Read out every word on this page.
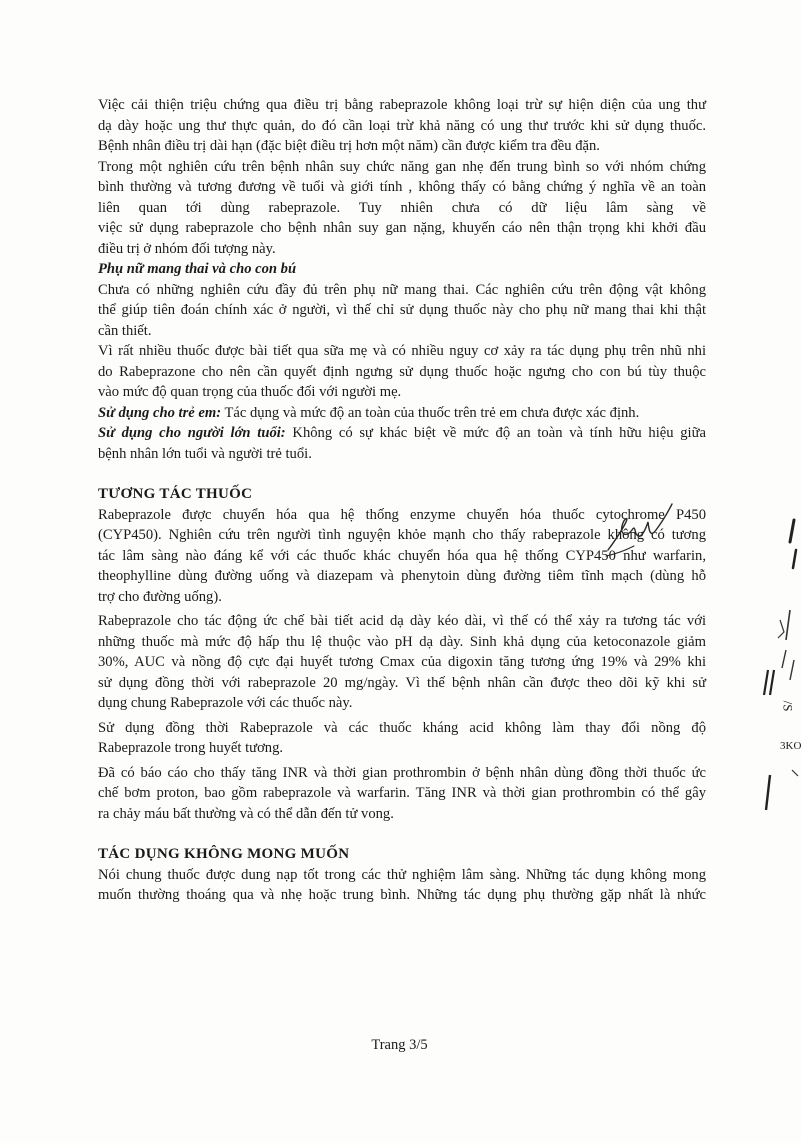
Việc cải thiện triệu chứng qua điều trị bằng rabeprazole không loại trừ sự hiện diện của ung thư

dạ dày hoặc ung thư thực quản, do đó cần loại trừ khả năng có ung thư trước khi sử dụng thuốc.

Bệnh nhân điều trị dài hạn (đặc biệt điều trị hơn một năm) cần được kiểm tra đều đặn.

Trong một nghiên cứu trên bệnh nhân suy chức năng gan nhẹ đến trung bình so với nhóm chứng

bình thường và tương đương về tuổi và giới tính , không thấy có bằng chứng ý nghĩa về an toàn

liên quan tới dùng rabeprazole. Tuy nhiên chưa có dữ liệu lâm sàng về

việc sử dụng rabeprazole cho bệnh nhân suy gan nặng, khuyến cáo nên thận trọng khi khởi đầu

điều trị ở nhóm đối tượng này.

Phụ nữ mang thai và cho con bú

Chưa có những nghiên cứu đầy đủ trên phụ nữ mang thai. Các nghiên cứu trên động vật không

thể giúp tiên đoán chính xác ở người, vì thế chỉ sử dụng thuốc này cho phụ nữ mang thai khi thật

cần thiết.

Vì rất nhiều thuốc được bài tiết qua sữa mẹ và có nhiều nguy cơ xảy ra tác dụng phụ trên nhũ nhi

do Rabeprazone cho nên cần quyết định ngưng sử dụng thuốc hoặc ngưng cho con bú tùy thuộc

vào mức độ quan trọng của thuốc đối với người mẹ.

Sử dụng cho trẻ em: Tác dụng và mức độ an toàn của thuốc trên trẻ em chưa được xác định.

Sử dụng cho người lớn tuổi: Không có sự khác biệt về mức độ an toàn và tính hữu hiệu giữa

bệnh nhân lớn tuổi và người trẻ tuổi.

TƯƠNG TÁC THUỐC

Rabeprazole được chuyển hóa qua hệ thống enzyme chuyển hóa thuốc cytochrome P450

(CYP450). Nghiên cứu trên người tình nguyện khỏe mạnh cho thấy rabeprazole không có tương

tác lâm sàng nào đáng kể với các thuốc khác chuyển hóa qua hệ thống CYP450 như warfarin,

theophylline dùng đường uống và diazepam và phenytoin dùng đường tiêm tĩnh mạch (dùng hỗ

trợ cho đường uống).

Rabeprazole cho tác động ức chế bài tiết acid dạ dày kéo dài, vì thế có thể xảy ra tương tác với

những thuốc mà mức độ hấp thu lệ thuộc vào pH dạ dày. Sinh khả dụng của ketoconazole giảm

30%, AUC và nồng độ cực đại huyết tương Cmax của digoxin tăng tương ứng 19% và 29% khi

sử dụng đồng thời với rabeprazole 20 mg/ngày. Vì thế bệnh nhân cần được theo dõi kỹ khi sử

dụng chung Rabeprazole với các thuốc này.

Sử dụng đồng thời Rabeprazole và các thuốc kháng acid không làm thay đổi nồng độ

Rabeprazole trong huyết tương.

Đã có báo cáo cho thấy tăng INR và thời gian prothrombin ở bệnh nhân dùng đồng thời thuốc ức

chế bơm proton, bao gồm rabeprazole và warfarin. Tăng INR và thời gian prothrombin có thể gây

ra chảy máu bất thường và có thể dẫn đến tử vong.

TÁC DỤNG KHÔNG MONG MUỐN

Nói chung thuốc được dung nạp tốt trong các thử nghiệm lâm sàng. Những tác dụng không mong

muốn thường thoáng qua và nhẹ hoặc trung bình. Những tác dụng phụ thường gặp nhất là nhức

/S
3KO
Trang 3/5
